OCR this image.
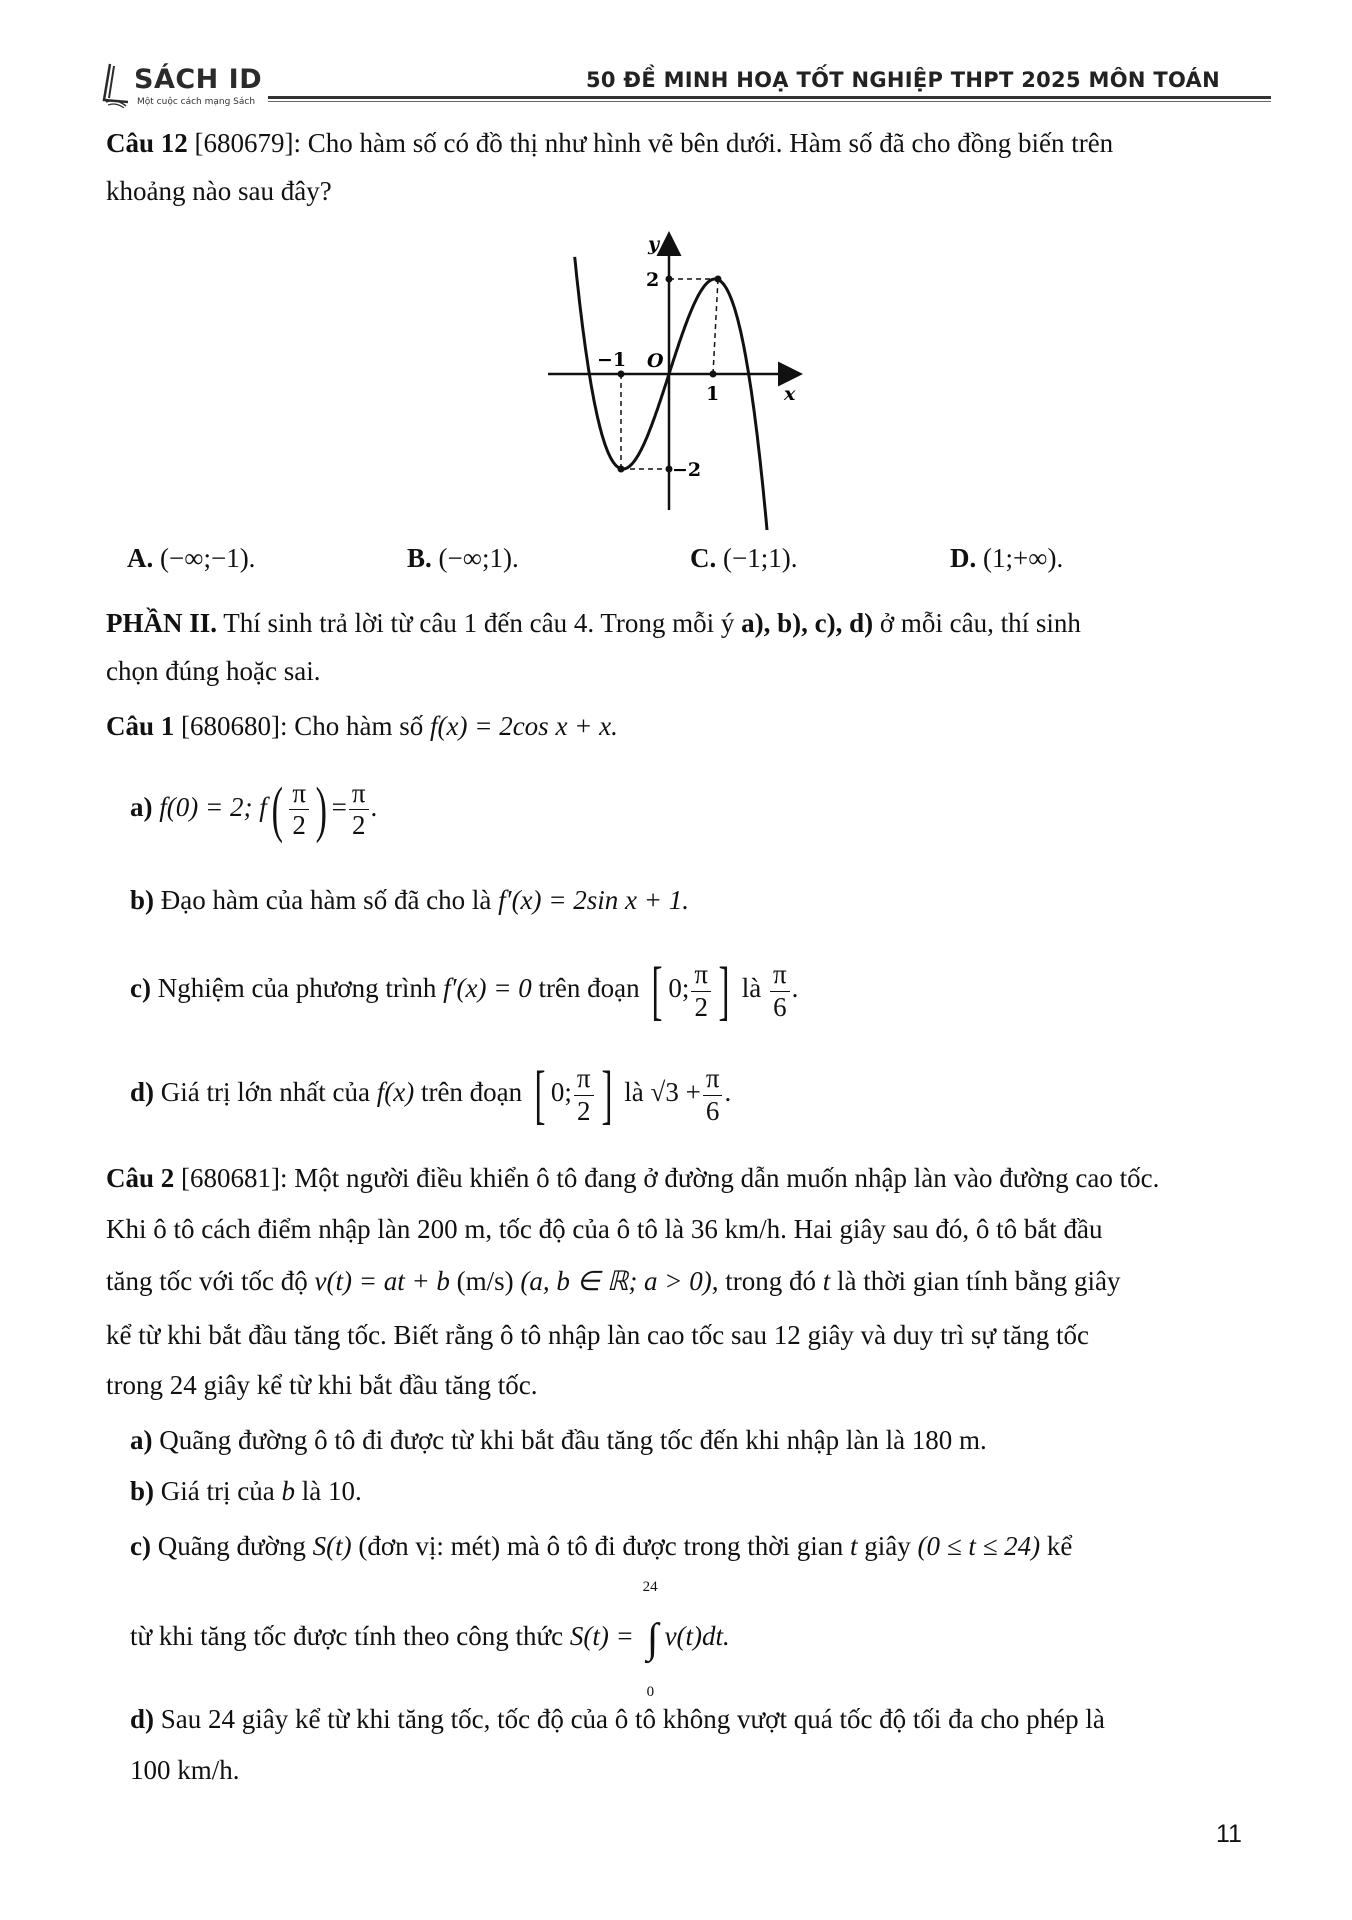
SÁCH ID
Một cuộc cách mạng Sách
50 ĐỀ MINH HOẠ TỐT NGHIỆP THPT 2025 MÔN TOÁN
Câu 12 [680679]: Cho hàm số có đồ thị như hình vẽ bên dưới. Hàm số đã cho đồng biến trên
khoảng nào sau đây?
y
x
O
−1
1
2
−2
A. (−∞;−1).	B. (−∞;1).	C. (−1;1).	D. (1;+∞).
PHẦN II. Thí sinh trả lời từ câu 1 đến câu 4. Trong mỗi ý a), b), c), d) ở mỗi câu, thí sinh
chọn đúng hoặc sai.
Câu 1 [680680]: Cho hàm số f(x) = 2cos x + x.
a) f(0) = 2; $f( \frac{\pi}{2}$ ) = $\frac{\pi}{2}$ .
b) Đạo hàm của hàm số đã cho là f′(x) = 2sin x + 1.
c) Nghiệm của phương trình f′(x) = 0 trên đoạn [ 0; $\frac{\pi}{2}$ ] là $\frac{\pi}{6}$ .
d) Giá trị lớn nhất của f(x) trên đoạn [ 0; $\frac{\pi}{2}$ ] là $√3 + \frac{\pi}{6}$ .
Câu 2 [680681]: Một người điều khiển ô tô đang ở đường dẫn muốn nhập làn vào đường cao tốc.
Khi ô tô cách điểm nhập làn 200 m, tốc độ của ô tô là 36 km/h. Hai giây sau đó, ô tô bắt đầu
tăng tốc với tốc độ v(t) = at + b (m/s) (a, b ∈ ℝ; a > 0), trong đó t là thời gian tính bằng giây
kể từ khi bắt đầu tăng tốc. Biết rằng ô tô nhập làn cao tốc sau 12 giây và duy trì sự tăng tốc
trong 24 giây kể từ khi bắt đầu tăng tốc.
a) Quãng đường ô tô đi được từ khi bắt đầu tăng tốc đến khi nhập làn là 180 m.
b) Giá trị của b là 10.
c) Quãng đường S(t) (đơn vị: mét) mà ô tô đi được trong thời gian t giây (0 ≤ t ≤ 24) kể
từ khi tăng tốc được tính theo công thức S(t) =
24
∫
0
v(t)dt.
d) Sau 24 giây kể từ khi tăng tốc, tốc độ của ô tô không vượt quá tốc độ tối đa cho phép là
100 km/h.
11
